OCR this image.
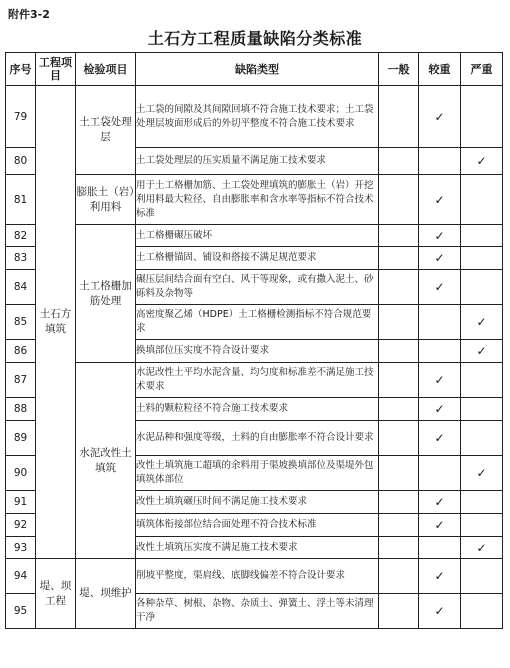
附件3-2
土石方工程质量缺陷分类标准
序号	工程项目	检验项目	缺陷类型	一般	较重	严重
79	土石方填筑	土工袋处理层	土工袋的间隙及其间隙回填不符合施工技术要求；土工袋处理层坡面形成后的外切平整度不符合施工技术要求		✓	
80			土工袋处理层的压实质量不满足施工技术要求			✓
81		膨胀土（岩）利用料	用于土工格栅加筋、土工袋处理填筑的膨胀土（岩）开挖利用料最大粒径、自由膨胀率和含水率等指标不符合技术标准		✓	
82		土工格栅加筋处理	土工格栅碾压破坏		✓	
83			土工格栅锚固、铺设和搭接不满足规范要求		✓	
84			碾压层间结合面有空白、风干等现象，或有撒入泥土、砂砾料及杂物等		✓	
85			高密度聚乙烯（HDPE）土工格栅检测指标不符合规范要求			✓
86			换填部位压实度不符合设计要求			✓
87		水泥改性土填筑	水泥改性土平均水泥含量、均匀度和标准差不满足施工技术要求		✓	
88			土料的颗粒粒径不符合施工技术要求		✓	
89			水泥品种和强度等级，土料的自由膨胀率不符合设计要求		✓	
90			改性土填筑施工超填的余料用于渠坡换填部位及渠堤外包填筑体部位			✓
91			改性土填筑碾压时间不满足施工技术要求		✓	
92			填筑体衔接部位结合面处理不符合技术标准		✓	
93			改性土填筑压实度不满足施工技术要求			✓
94	堤、坝工程	堤、坝维护	削坡平整度，渠肩线、底脚线偏差不符合设计要求		✓	
95			各种杂草、树根、杂物、杂质土、弹簧土、浮土等未清理干净		✓	
